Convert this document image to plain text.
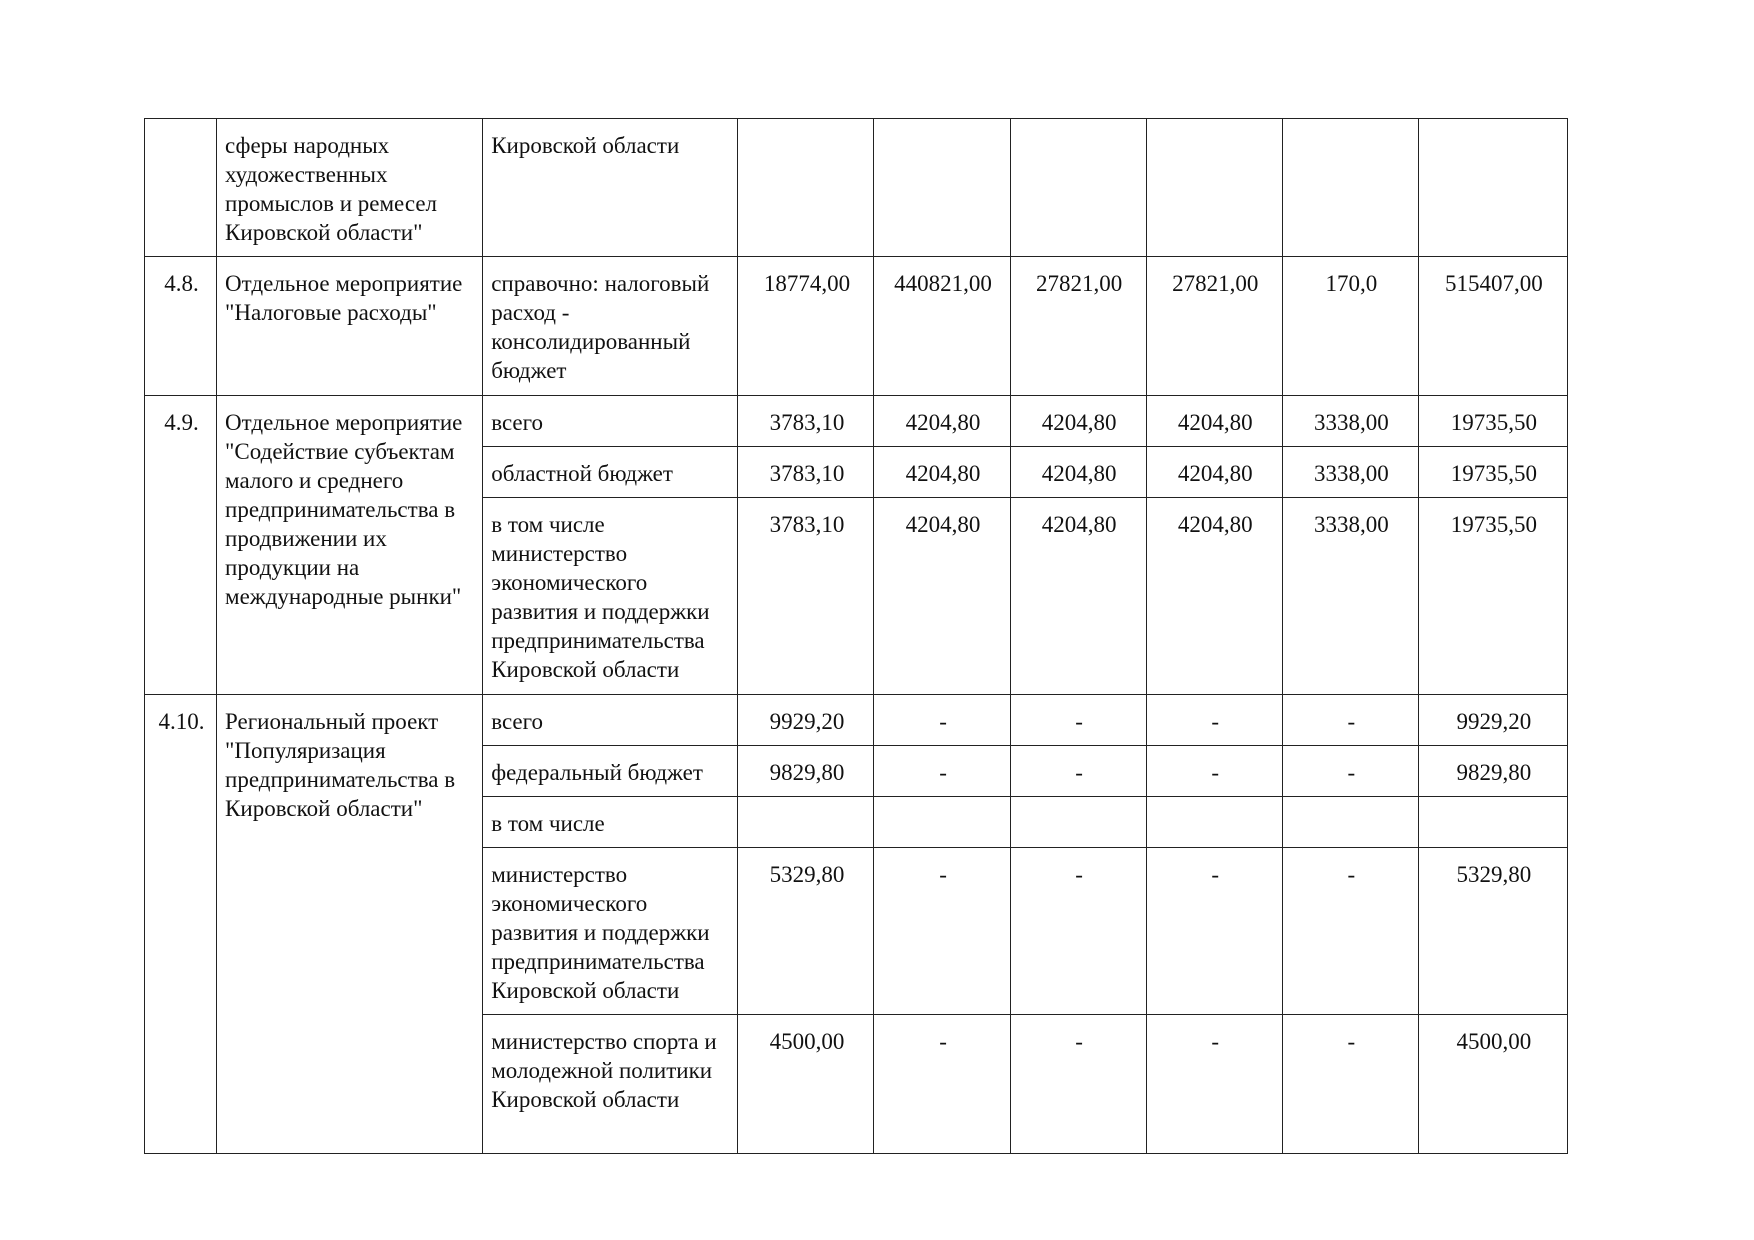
	сферы народных художественных промыслов и ремесел Кировской области"	Кировской области						
4.8.	Отдельное мероприятие "Налоговые расходы"	справочно: налоговый расход - консолидированный бюджет	18774,00	440821,00	27821,00	27821,00	170,0	515407,00
4.9.	Отдельное мероприятие "Содействие субъектам малого и среднего предпринимательства в продвижении их продукции на международные рынки"	всего	3783,10	4204,80	4204,80	4204,80	3338,00	19735,50
		областной бюджет	3783,10	4204,80	4204,80	4204,80	3338,00	19735,50
		в том числе министерство экономического развития и поддержки предпринимательства Кировской области	3783,10	4204,80	4204,80	4204,80	3338,00	19735,50
4.10.	Региональный проект "Популяризация предпринимательства в Кировской области"	всего	9929,20	-	-	-	-	9929,20
		федеральный бюджет	9829,80	-	-	-	-	9829,80
		в том числе						
		министерство экономического развития и поддержки предпринимательства Кировской области	5329,80	-	-	-	-	5329,80
		министерство спорта и молодежной политики Кировской области	4500,00	-	-	-	-	4500,00
